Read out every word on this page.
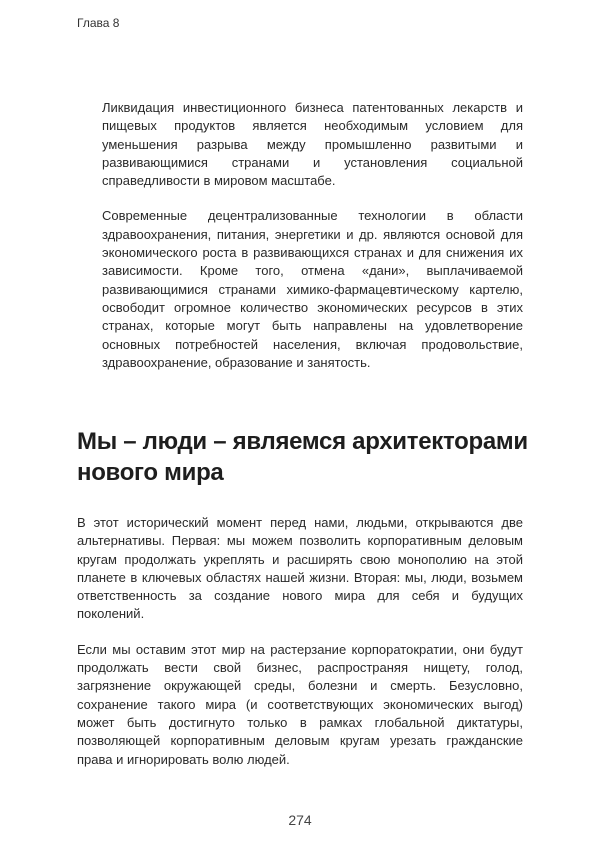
Глава 8

Ликвидация инвестиционного бизнеса патентованных лекарств и пищевых продуктов является необходимым условием для уменьшения разрыва между промышленно развитыми и развивающимися странами и установления социальной справедливости в мировом масштабе.

Современные децентрализованные технологии в области здравоохранения, питания, энергетики и др. являются основой для экономического роста в развивающихся странах и для снижения их зависимости. Кроме того, отмена «дани», выплачиваемой развивающимися странами химико-фармацевтическому картелю, освободит огромное количество экономических ресурсов в этих странах, которые могут быть направлены на удовлетворение основных потребностей населения, включая продовольствие, здравоохранение, образование и занятость.

Мы – люди – являемся архитекторами нового мира

В этот исторический момент перед нами, людьми, открываются две альтернативы. Первая: мы можем позволить корпоративным деловым кругам продолжать укреплять и расширять свою монополию на этой планете в ключевых областях нашей жизни. Вторая: мы, люди, возьмем ответственность за создание нового мира для себя и будущих поколений.

Если мы оставим этот мир на растерзание корпоратократии, они будут продолжать вести свой бизнес, распространяя нищету, голод, загрязнение окружающей среды, болезни и смерть. Безусловно, сохранение такого мира (и соответствующих экономических выгод) может быть достигнуто только в рамках глобальной диктатуры, позволяющей корпоративным деловым кругам урезать гражданские права и игнорировать волю людей.

274
